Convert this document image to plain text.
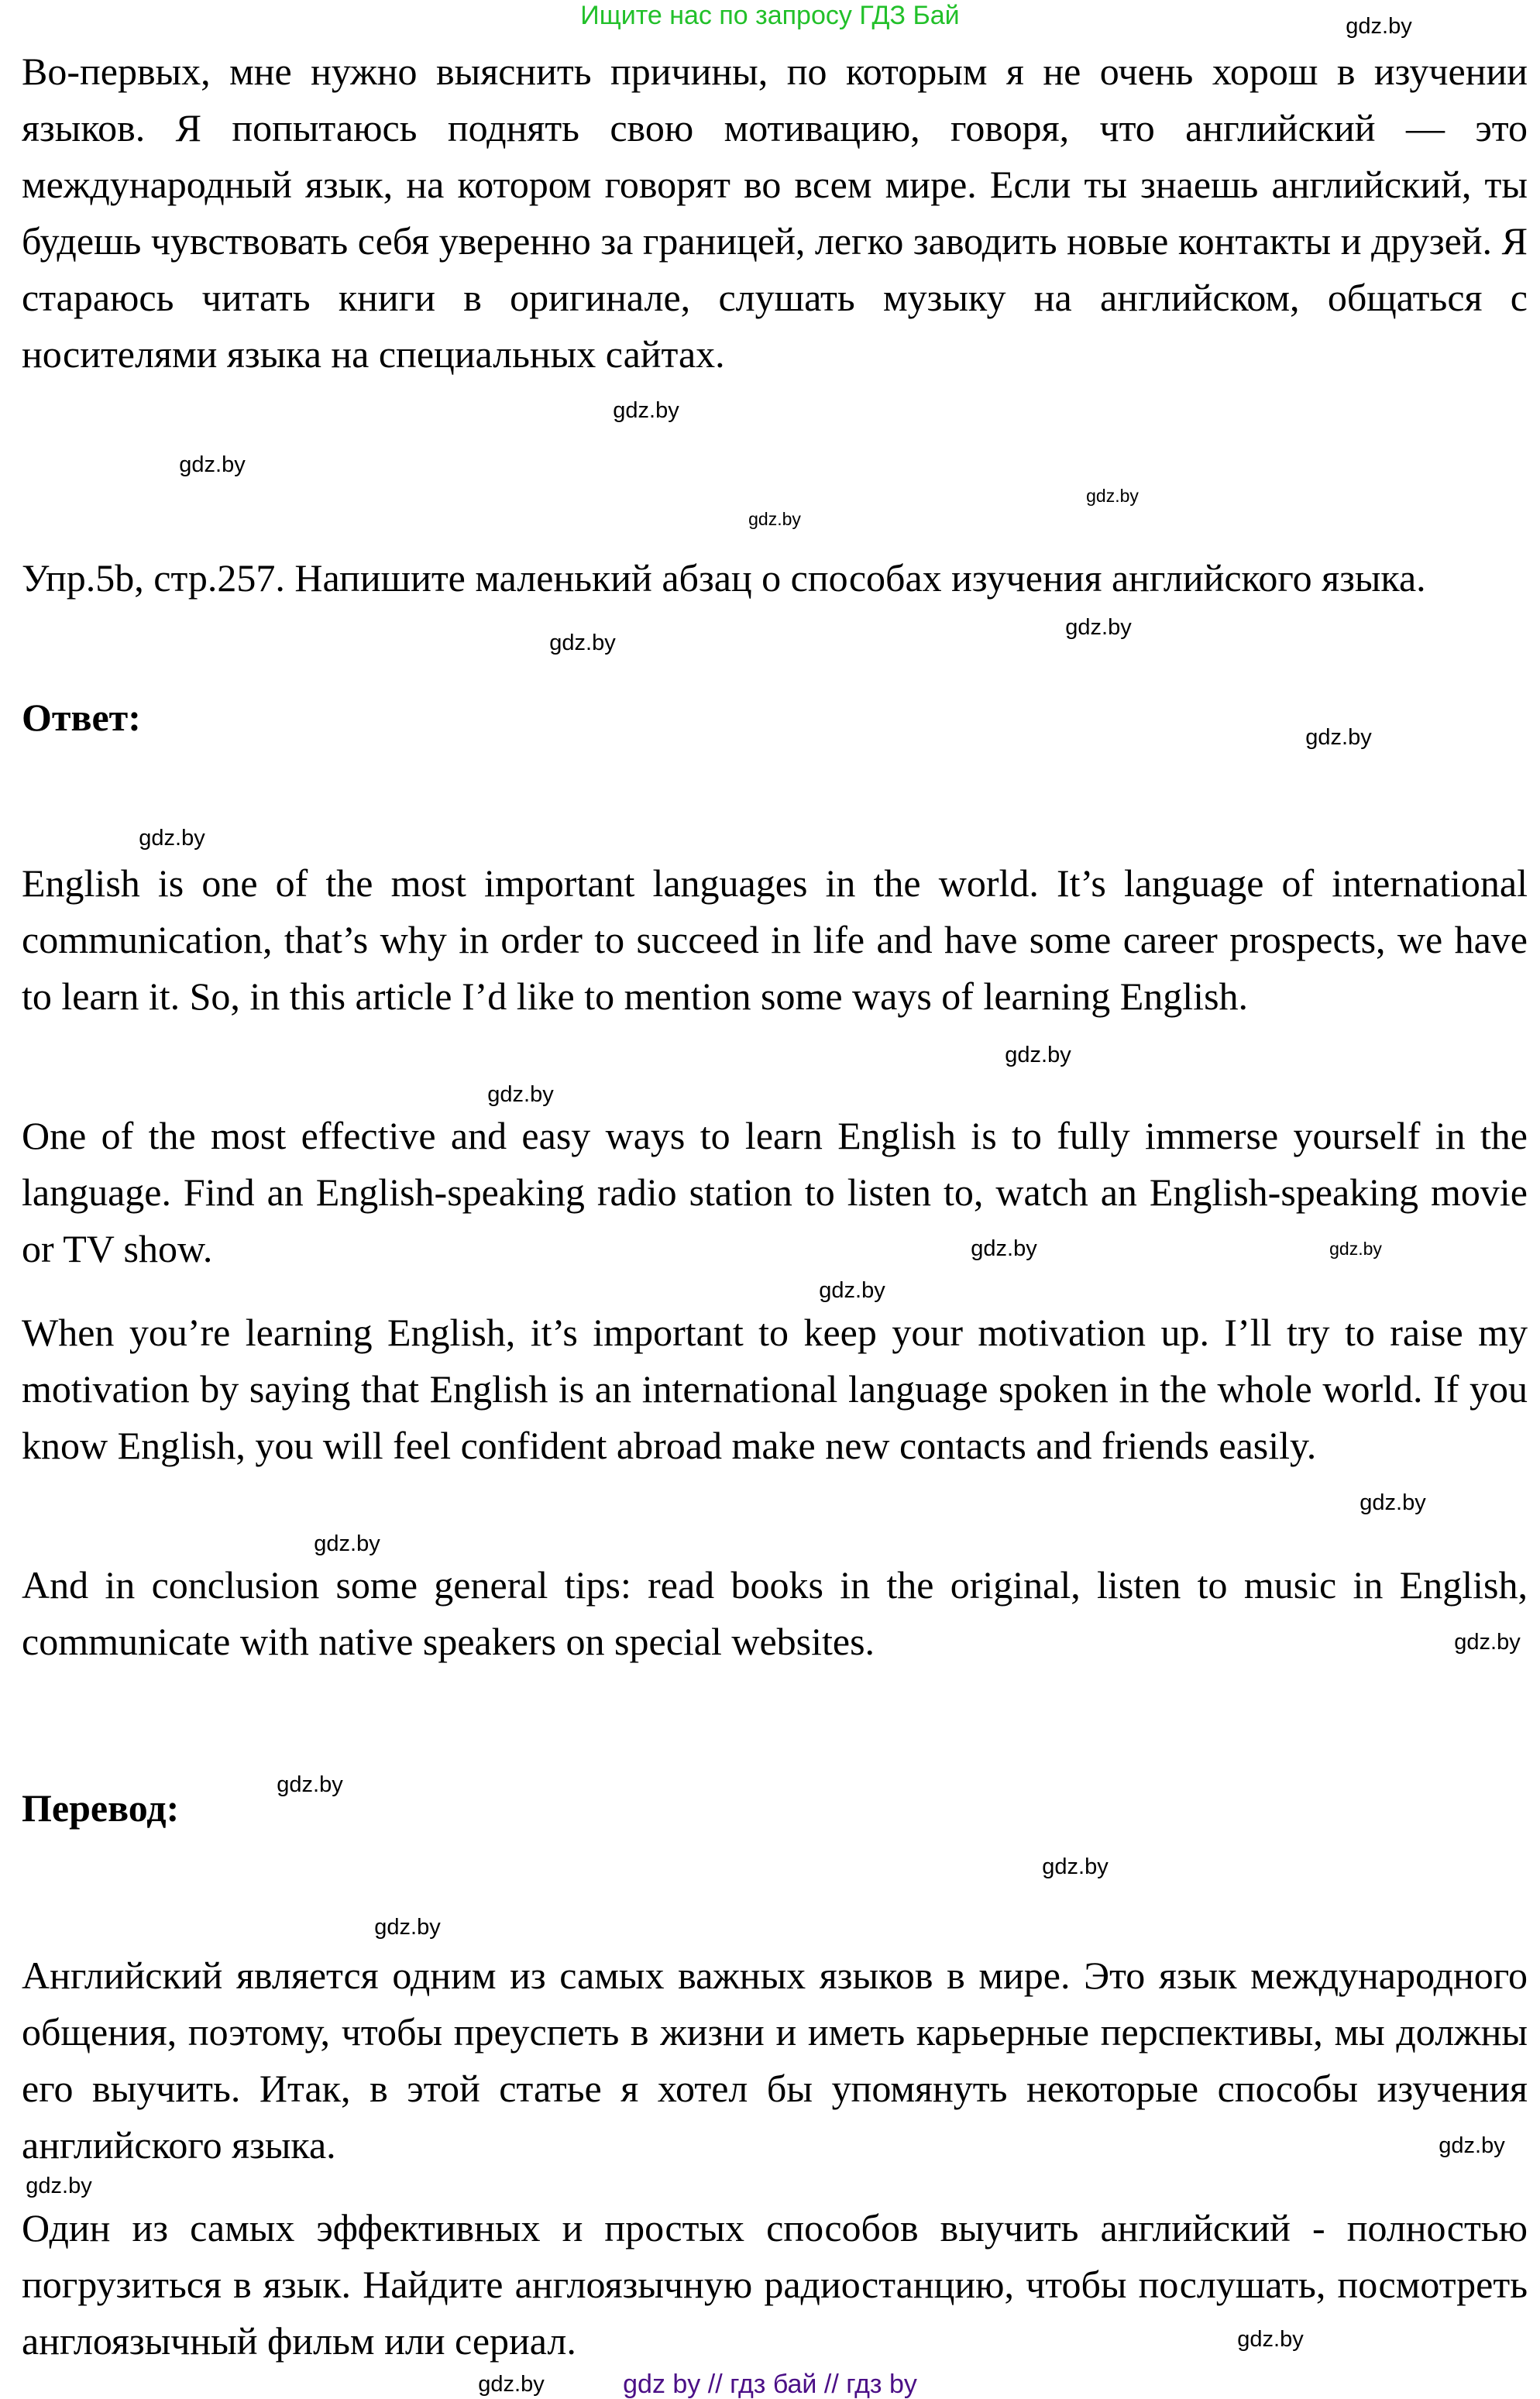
Ищите нас по запросу ГДЗ Бай

Во-первых, мне нужно выяснить причины, по которым я не очень хорош в изучении языков. Я попытаюсь поднять свою мотивацию, говоря, что английский — это международный язык, на котором говорят во всем мире. Если ты знаешь английский, ты будешь чувствовать себя уверенно за границей, легко заводить новые контакты и друзей. Я стараюсь читать книги в оригинале, слушать музыку на английском, общаться с носителями языка на специальных сайтах.

Упр.5b, стр.257. Напишите маленький абзац о способах изучения английского языка.

Ответ:

English is one of the most important languages in the world. It’s language of international communication, that’s why in order to succeed in life and have some career prospects, we have to learn it. So, in this article I’d like to mention some ways of learning English.

One of the most effective and easy ways to learn English is to fully immerse yourself in the language. Find an English-speaking radio station to listen to, watch an English-speaking movie or TV show.

When you’re learning English, it’s important to keep your motivation up. I’ll try to raise my motivation by saying that English is an international language spoken in the whole world. If you know English, you will feel confident abroad make new contacts and friends easily.

And in conclusion some general tips: read books in the original, listen to music in English, communicate with native speakers on special websites.

Перевод:

Английский является одним из самых важных языков в мире. Это язык международного общения, поэтому, чтобы преуспеть в жизни и иметь карьерные перспективы, мы должны его выучить. Итак, в этой статье я хотел бы упомянуть некоторые способы изучения английского языка.

Один из самых эффективных и простых способов выучить английский - полностью погрузиться в язык. Найдите англоязычную радиостанцию, чтобы послушать, посмотреть англоязычный фильм или сериал.

gdz.by
gdz.by
gdz.by
gdz.by
gdz.by
gdz.by
gdz.by
gdz.by
gdz.by
gdz.by
gdz.by
gdz.by
gdz.by
gdz.by
gdz.by
gdz.by
gdz.by
gdz.by
gdz.by
gdz.by
gdz.by
gdz.by
gdz.by
gdz.by	gdz by // гдз бай // гдз by
